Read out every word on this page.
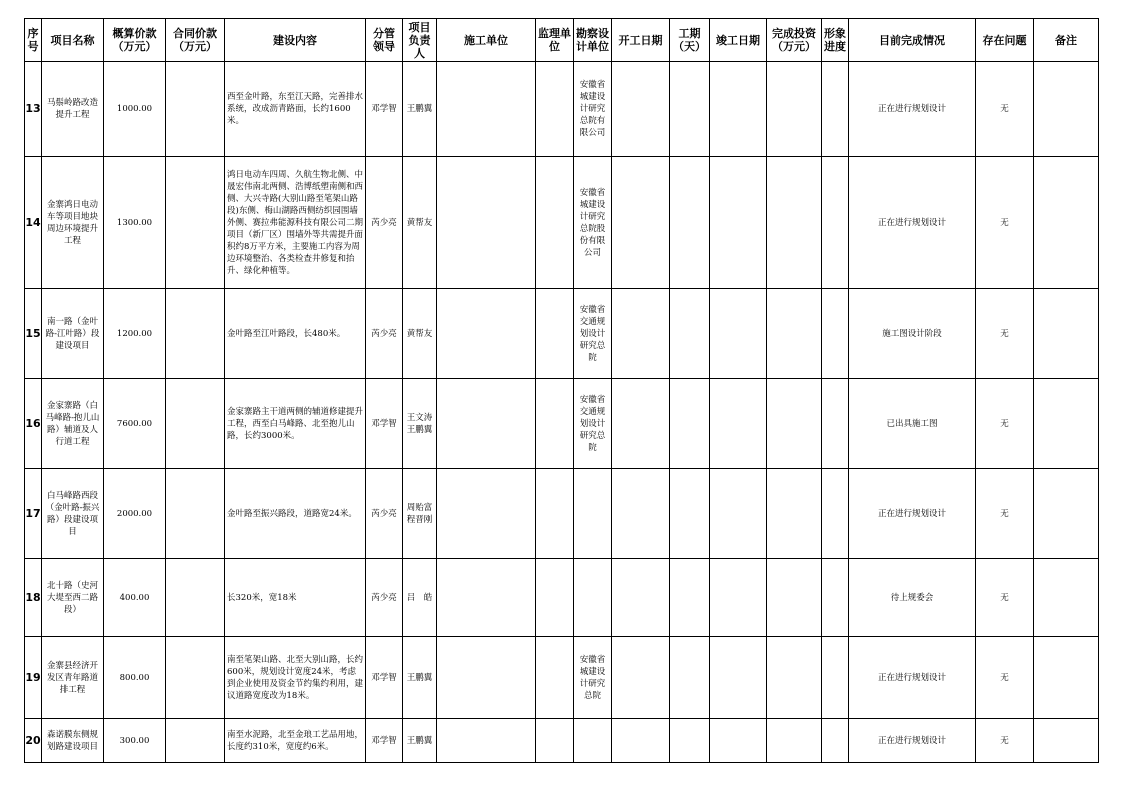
序号	项目名称	概算价款（万元）	合同价款（万元）	建设内容	分管领导	项目负责人	施工单位	监理单位	勘察设计单位	开工日期	工期（天）	竣工日期	完成投资（万元）	形象进度	目前完成情况	存在问题	备注
13	马鬃岭路改造提升工程	1000.00		西至金叶路，东至江天路，完善排水系统，改成沥青路面，长约1600米。	邓学智	王鹏翼			安徽省城建设计研究总院有限公司						正在进行规划设计	无	
14	金寨鸿日电动车等项目地块周边环境提升工程	1300.00		鸿日电动车四周、久航生物北侧、中晟宏伟南北两侧、浩博纸塑南侧和西侧、大兴寺路(大别山路至笔架山路段)东侧、梅山湖路西侧纺织园围墙外侧、赛拉弗能源科技有限公司二期项目（新厂区）围墙外等共需提升面积约8万平方米，主要施工内容为周边环境整治、各类检查井修复和抬升、绿化种植等。	芮少亮	黄帮友			安徽省城建设计研究总院股份有限公司						正在进行规划设计	无	
15	南一路（金叶路-江叶路）段建设项目	1200.00		金叶路至江叶路段，长480米。	芮少亮	黄帮友			安徽省交通规划设计研究总院						施工图设计阶段	无	
16	金家寨路（白马峰路-抱儿山路）辅道及人行道工程	7600.00		金家寨路主干道两侧的辅道修建提升工程，西至白马峰路、北至抱儿山路，长约3000米。	邓学智	王文涛王鹏翼			安徽省交通规划设计研究总院						已出具施工图	无	
17	白马峰路西段（金叶路-振兴路）段建设项目	2000.00		金叶路至振兴路段，道路宽24米。	芮少亮	周贻富程晋刚									正在进行规划设计	无	
18	北十路（史河大堤至西二路段）	400.00		长320米，宽18米	芮少亮	吕　皓									待上规委会	无	
19	金寨县经济开发区青年路道排工程	800.00		南至笔架山路、北至大别山路，长约600米，规划设计宽度24米，考虑到企业使用及资金节约集约利用，建议道路宽度改为18米。	邓学智	王鹏翼			安徽省城建设计研究总院						正在进行规划设计	无	
20	森诺膜东侧规划路建设项目	300.00		南至水泥路，北至金琅工艺品用地，长度约310米，宽度约6米。	邓学智	王鹏翼									正在进行规划设计	无	
